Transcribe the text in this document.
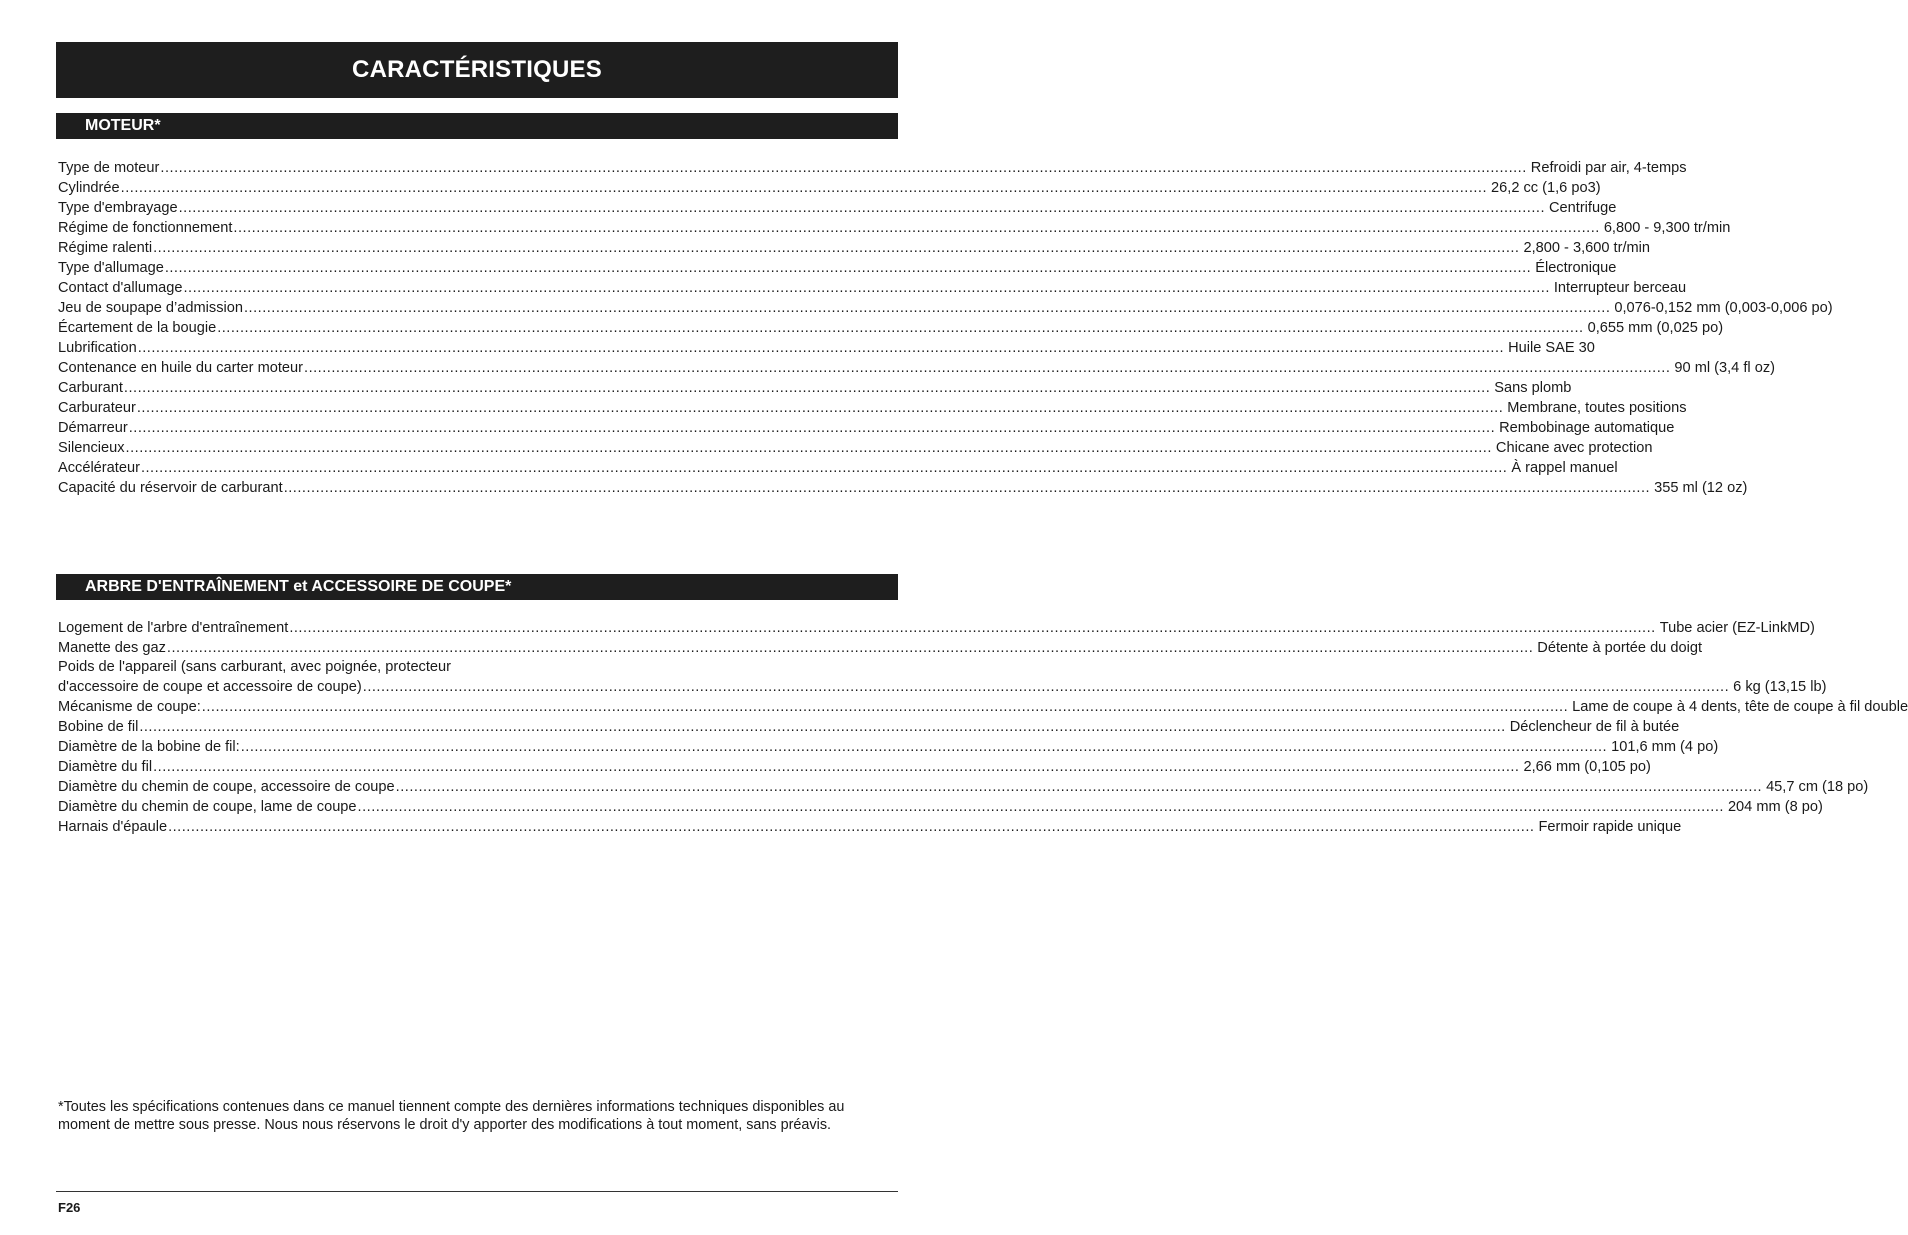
CARACTÉRISTIQUES
MOTEUR*
Type de moteur ............................................................................................................................................................................................................................................................................................................ Refroidi par air, 4-temps
Cylindrée ............................................................................................................................................................................................................................................................................................................ 26,2 cc (1,6 po3)
Type d'embrayage ............................................................................................................................................................................................................................................................................................................ Centrifuge
Régime de fonctionnement ............................................................................................................................................................................................................................................................................................................ 6,800 - 9,300 tr/min
Régime ralenti ............................................................................................................................................................................................................................................................................................................ 2,800 - 3,600 tr/min
Type d'allumage ............................................................................................................................................................................................................................................................................................................ Électronique
Contact d'allumage ............................................................................................................................................................................................................................................................................................................ Interrupteur berceau
Jeu de soupape d’admission ............................................................................................................................................................................................................................................................................................................ 0,076-0,152 mm (0,003-0,006 po)
Écartement de la bougie ............................................................................................................................................................................................................................................................................................................ 0,655 mm (0,025 po)
Lubrification ............................................................................................................................................................................................................................................................................................................ Huile SAE 30
Contenance en huile du carter moteur ............................................................................................................................................................................................................................................................................................................ 90 ml (3,4 fl oz)
Carburant ............................................................................................................................................................................................................................................................................................................ Sans plomb
Carburateur ............................................................................................................................................................................................................................................................................................................ Membrane, toutes positions
Démarreur ............................................................................................................................................................................................................................................................................................................ Rembobinage automatique
Silencieux ............................................................................................................................................................................................................................................................................................................ Chicane avec protection
Accélérateur ............................................................................................................................................................................................................................................................................................................ À rappel manuel
Capacité du réservoir de carburant ............................................................................................................................................................................................................................................................................................................ 355 ml (12 oz)
ARBRE D'ENTRAÎNEMENT et ACCESSOIRE DE COUPE*
Logement de l'arbre d'entraînement ............................................................................................................................................................................................................................................................................................................ Tube acier (EZ-LinkMD)
Manette des gaz ............................................................................................................................................................................................................................................................................................................ Détente à portée du doigt
Poids de l'appareil (sans carburant, avec poignée, protecteur
d'accessoire de coupe et accessoire de coupe) ............................................................................................................................................................................................................................................................................................................ 6 kg (13,15 lb)
Mécanisme de coupe: ............................................................................................................................................................................................................................................................................................................ Lame de coupe à 4 dents, tête de coupe à fil double
Bobine de fil ............................................................................................................................................................................................................................................................................................................ Déclencheur de fil à butée
Diamètre de la bobine de fil: ............................................................................................................................................................................................................................................................................................................ 101,6 mm (4 po)
Diamètre du fil ............................................................................................................................................................................................................................................................................................................ 2,66 mm (0,105 po)
Diamètre du chemin de coupe, accessoire de coupe ............................................................................................................................................................................................................................................................................................................ 45,7 cm (18 po)
Diamètre du chemin de coupe, lame de coupe ............................................................................................................................................................................................................................................................................................................ 204 mm (8 po)
Harnais d'épaule ............................................................................................................................................................................................................................................................................................................ Fermoir rapide unique
*Toutes les spécifications contenues dans ce manuel tiennent compte des dernières informations techniques disponibles au moment de mettre sous presse. Nous nous réservons le droit d'y apporter des modifications à tout moment, sans préavis.
F26
